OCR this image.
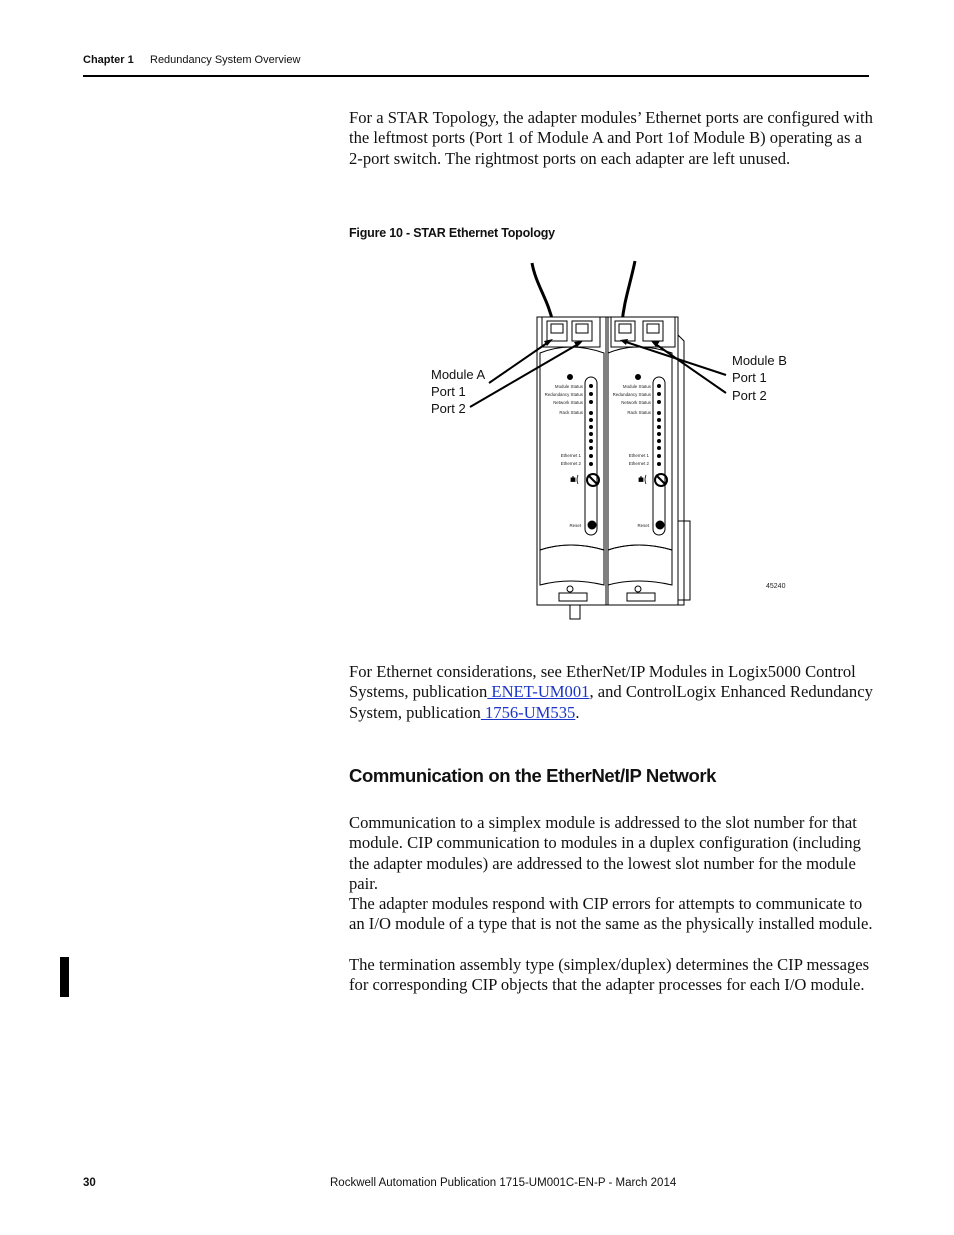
Chapter 1 Redundancy System Overview
For a STAR Topology, the adapter modules’ Ethernet ports are configured with the leftmost ports (Port 1 of Module A and Port 1of Module B) operating as a 2-port switch. The rightmost ports on each adapter are left unused.
Figure 10 - STAR Ethernet Topology
Module Status
Redundancy Status
Network Status
Rack Status
Ethernet 1
Ethernet 2
Reset
Module Status
Redundancy Status
Network Status
Rack Status
Ethernet 1
Ethernet 2
Reset
Module A
Port 1
Port 2
Module B
Port 1
Port 2
45240
For Ethernet considerations, see EtherNet/IP Modules in Logix5000 Control Systems, publication ENET-UM001, and ControlLogix Enhanced Redundancy System, publication 1756-UM535.
Communication on the EtherNet/IP Network
Communication to a simplex module is addressed to the slot number for that module. CIP communication to modules in a duplex configuration (including the adapter modules) are addressed to the lowest slot number for the module pair.
The adapter modules respond with CIP errors for attempts to communicate to an I/O module of a type that is not the same as the physically installed module.
The termination assembly type (simplex/duplex) determines the CIP messages for corresponding CIP objects that the adapter processes for each I/O module.
30	Rockwell Automation Publication 1715-UM001C-EN-P - March 2014
